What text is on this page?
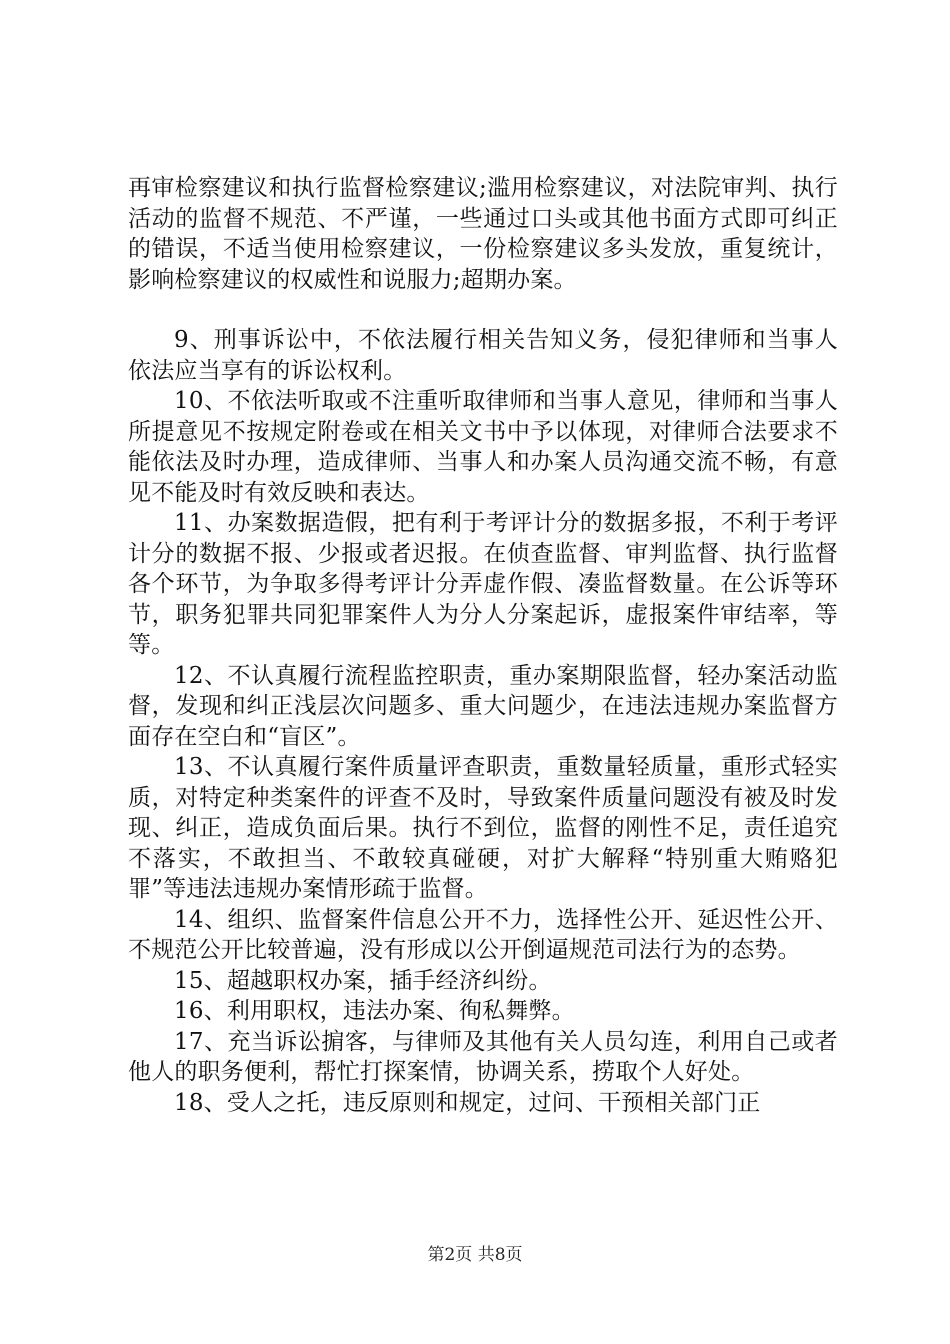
再审检察建议和执行监督检察建议;滥用检察建议，对法院审判、执行活动的监督不规范、不严谨，一些通过口头或其他书面方式即可纠正的错误，不适当使用检察建议，一份检察建议多头发放，重复统计，影响检察建议的权威性和说服力;超期办案。

9、刑事诉讼中，不依法履行相关告知义务，侵犯律师和当事人依法应当享有的诉讼权利。

10、不依法听取或不注重听取律师和当事人意见，律师和当事人所提意见不按规定附卷或在相关文书中予以体现，对律师合法要求不能依法及时办理，造成律师、当事人和办案人员沟通交流不畅，有意见不能及时有效反映和表达。

11、办案数据造假，把有利于考评计分的数据多报，不利于考评计分的数据不报、少报或者迟报。在侦查监督、审判监督、执行监督各个环节，为争取多得考评计分弄虚作假、凑监督数量。在公诉等环节，职务犯罪共同犯罪案件人为分人分案起诉，虚报案件审结率，等等。

12、不认真履行流程监控职责，重办案期限监督，轻办案活动监督，发现和纠正浅层次问题多、重大问题少，在违法违规办案监督方面存在空白和“盲区”。

13、不认真履行案件质量评查职责，重数量轻质量，重形式轻实质，对特定种类案件的评查不及时，导致案件质量问题没有被及时发现、纠正，造成负面后果。执行不到位，监督的刚性不足，责任追究不落实，不敢担当、不敢较真碰硬，对扩大解释“特别重大贿赂犯罪”等违法违规办案情形疏于监督。

14、组织、监督案件信息公开不力，选择性公开、延迟性公开、不规范公开比较普遍，没有形成以公开倒逼规范司法行为的态势。

15、超越职权办案，插手经济纠纷。

16、利用职权，违法办案、徇私舞弊。

17、充当诉讼掮客，与律师及其他有关人员勾连，利用自己或者他人的职务便利，帮忙打探案情，协调关系，捞取个人好处。

18、受人之托，违反原则和规定，过问、干预相关部门正

第2页 共8页
